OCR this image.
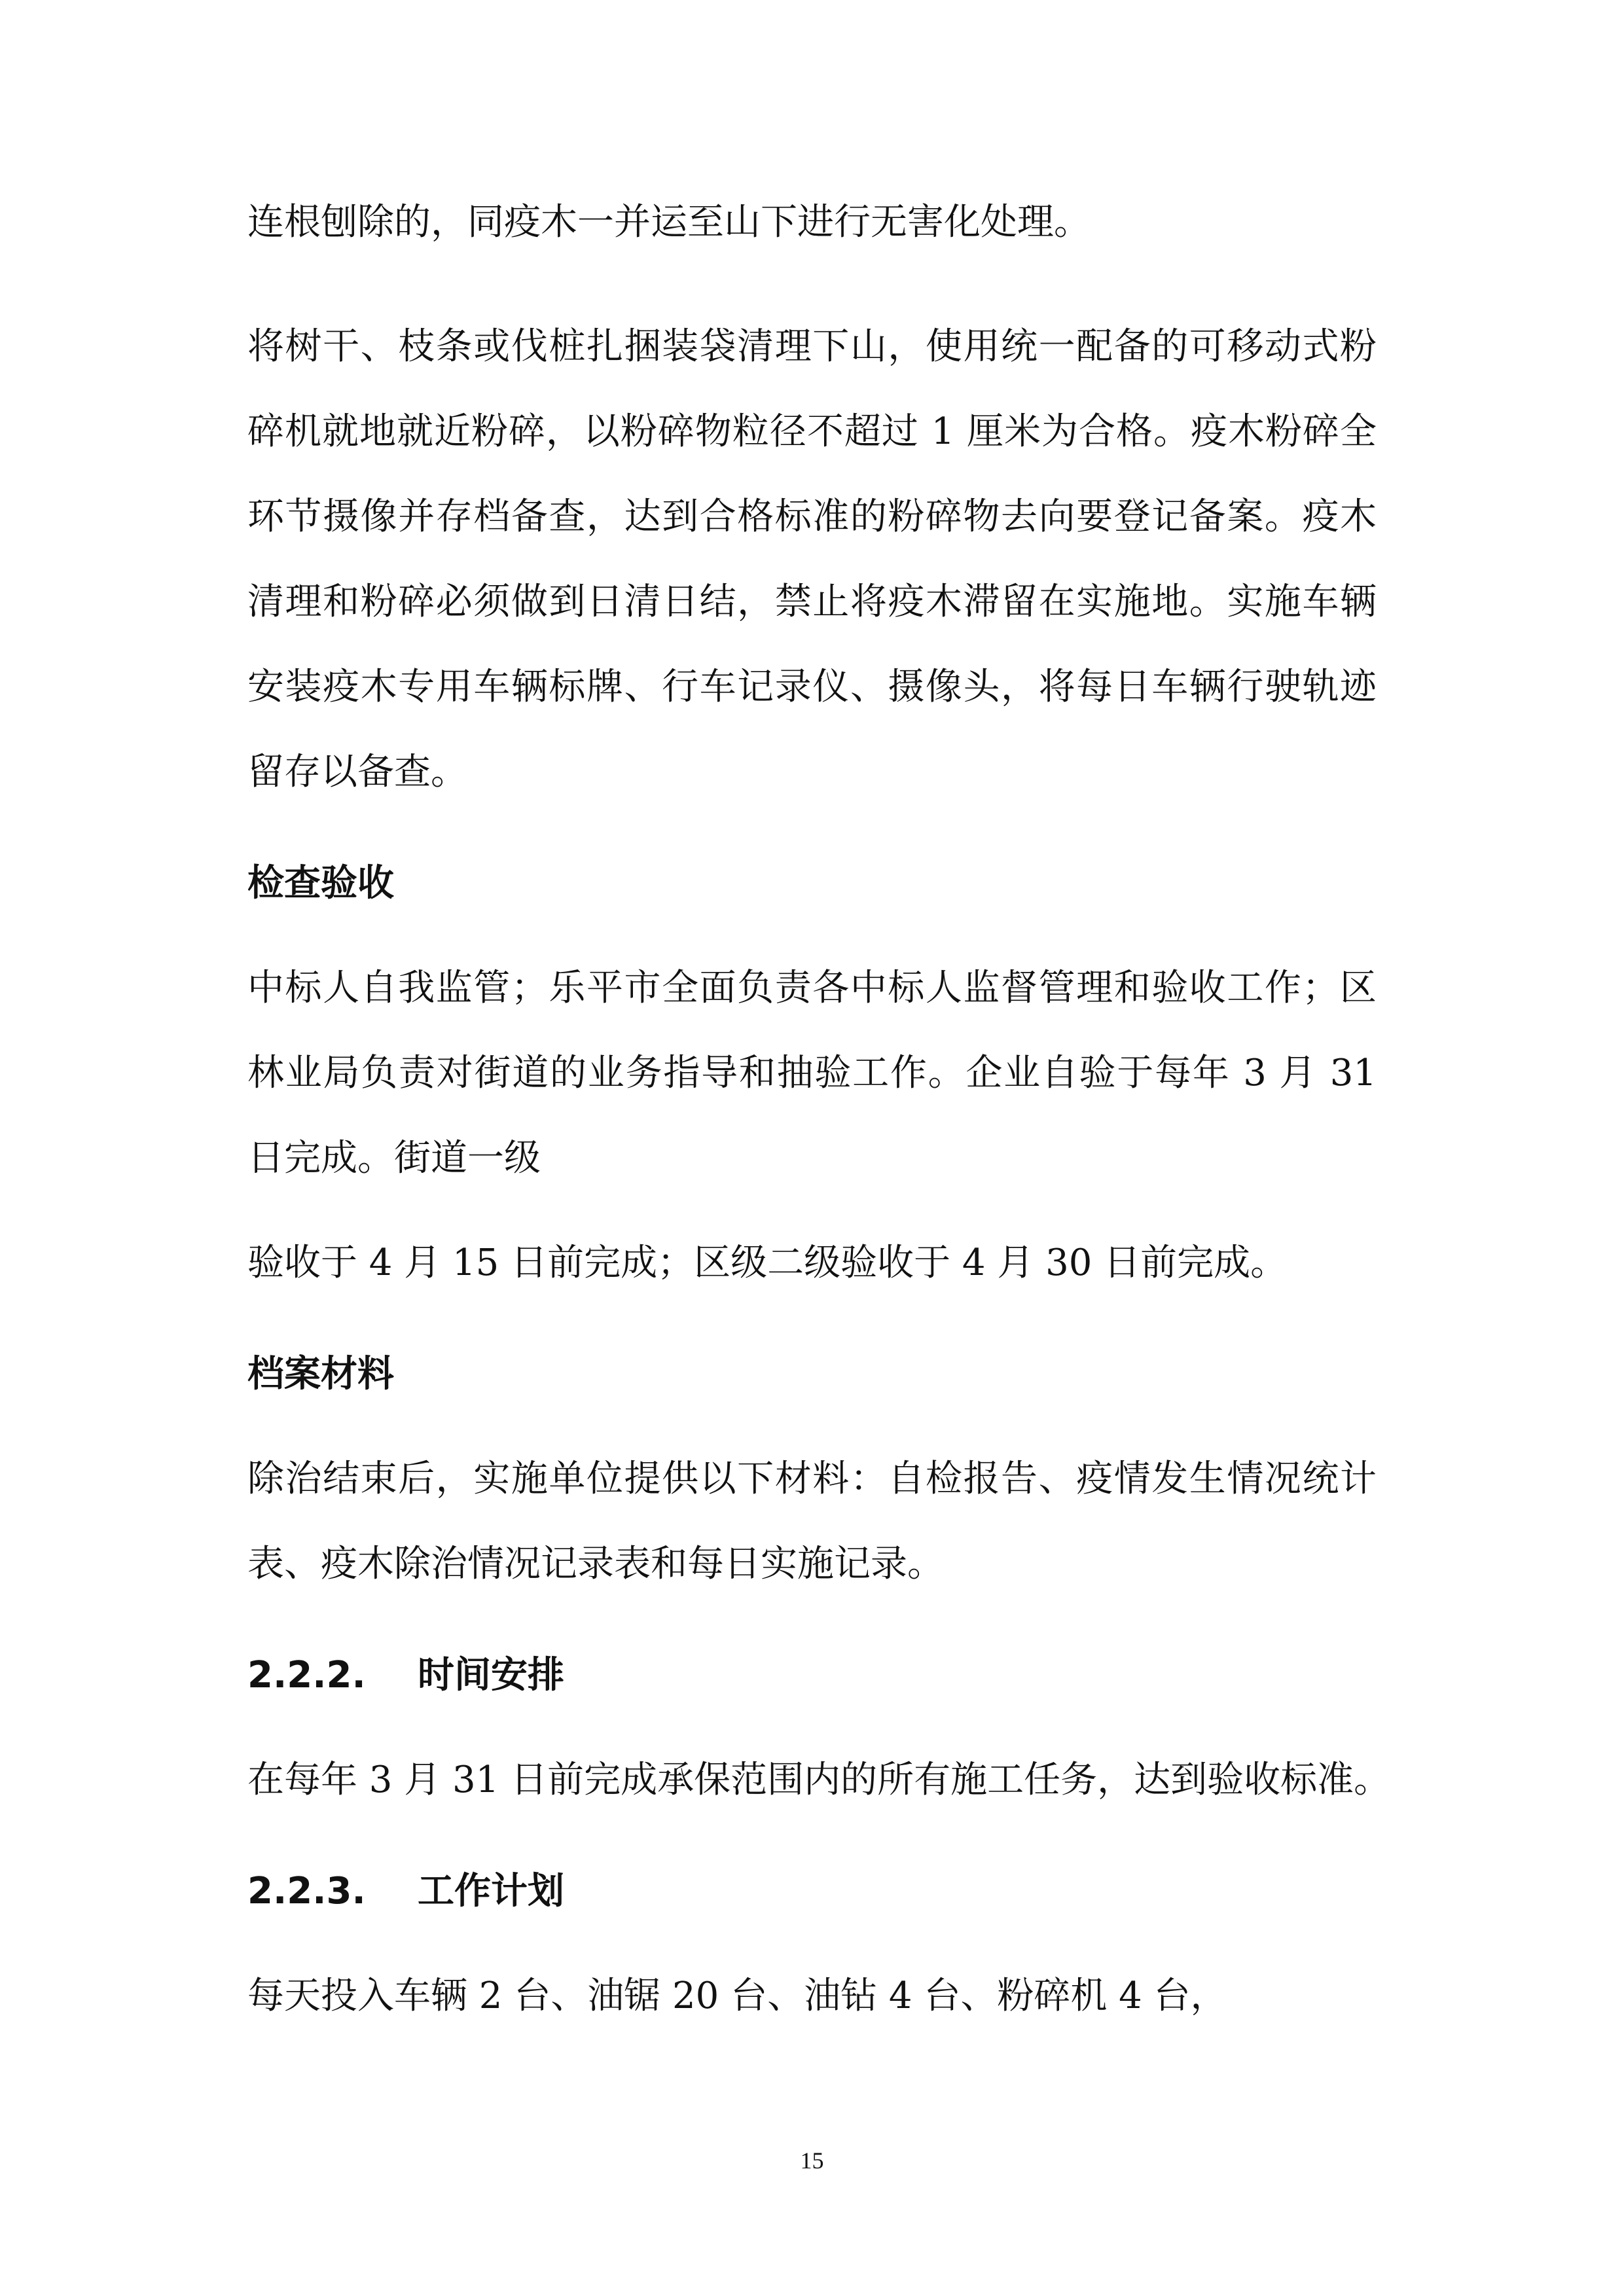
连根刨除的，同疫木一并运至山下进行无害化处理。
将树干、枝条或伐桩扎捆装袋清理下山，使用统一配备的可移动式粉
碎机就地就近粉碎，以粉碎物粒径不超过 1 厘米为合格。疫木粉碎全
环节摄像并存档备查，达到合格标准的粉碎物去向要登记备案。疫木
清理和粉碎必须做到日清日结，禁止将疫木滞留在实施地。实施车辆
安装疫木专用车辆标牌、行车记录仪、摄像头，将每日车辆行驶轨迹
留存以备查。
检查验收
中标人自我监管；乐平市全面负责各中标人监督管理和验收工作；区
林业局负责对街道的业务指导和抽验工作。企业自验于每年 3 月 31
日完成。街道一级
验收于 4 月 15 日前完成；区级二级验收于 4 月 30 日前完成。
档案材料
除治结束后，实施单位提供以下材料：自检报告、疫情发生情况统计
表、疫木除治情况记录表和每日实施记录。
2.2.2. 时间安排
在每年 3 月 31 日前完成承保范围内的所有施工任务，达到验收标准。
2.2.3. 工作计划
每天投入车辆 2 台、油锯 20 台、油钻 4 台、粉碎机 4 台，
15
